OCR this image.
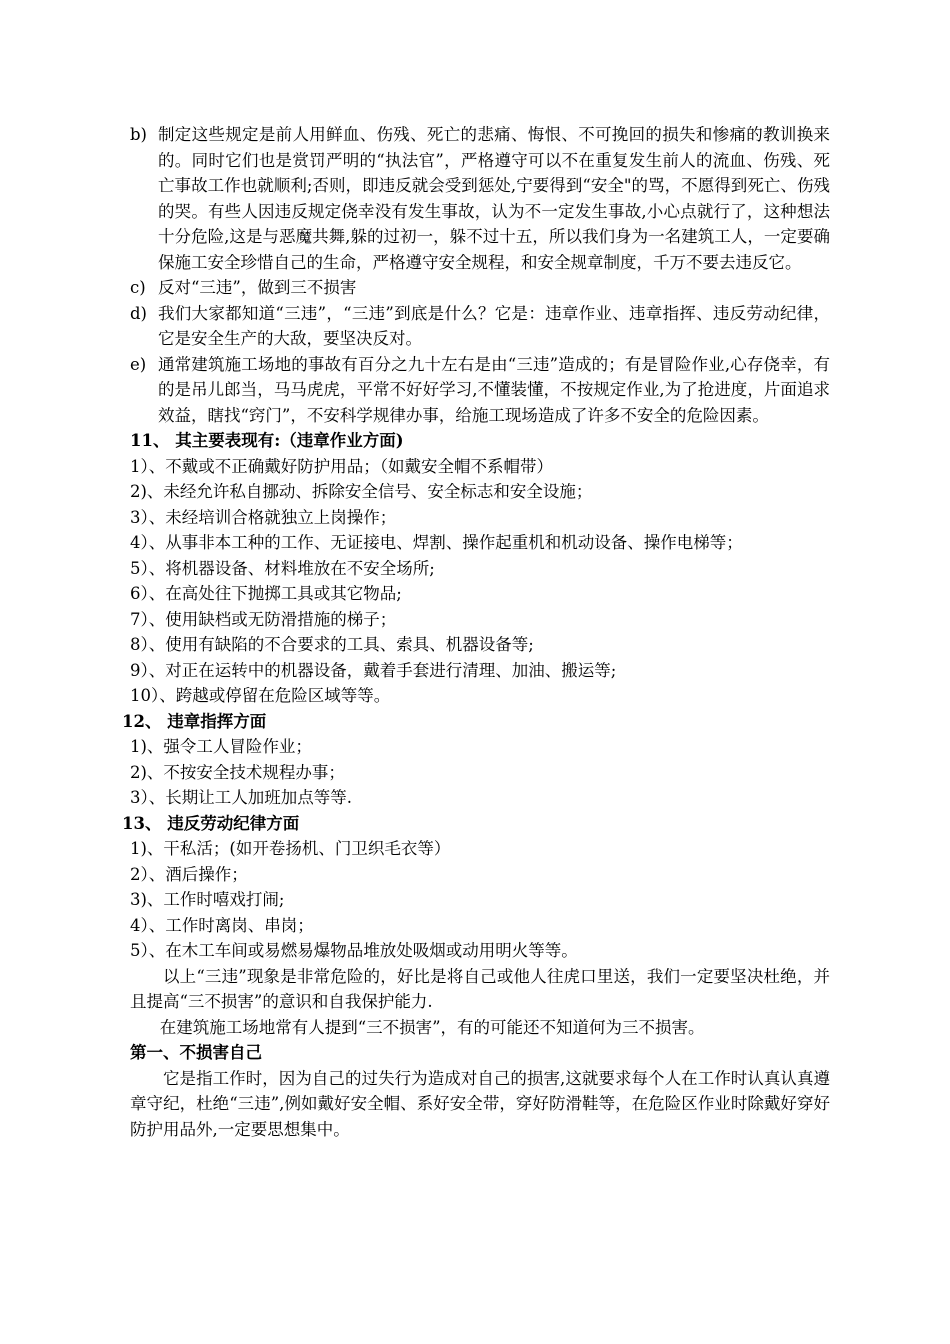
b) 制定这些规定是前人用鲜血、伤残、死亡的悲痛、悔恨、不可挽回的损失和惨痛的教训换来的。同时它们也是赏罚严明的“执法官”，严格遵守可以不在重复发生前人的流血、伤残、死亡事故工作也就顺利;否则，即违反就会受到惩处,宁要得到“安全"的骂，不愿得到死亡、伤残的哭。有些人因违反规定侥幸没有发生事故，认为不一定发生事故,小心点就行了，这种想法十分危险,这是与恶魔共舞,躲的过初一，躲不过十五，所以我们身为一名建筑工人，一定要确保施工安全珍惜自己的生命，严格遵守安全规程，和安全规章制度，千万不要去违反它。

c) 反对“三违”，做到三不损害

d) 我们大家都知道“三违”，“三违”到底是什么？它是：违章作业、违章指挥、违反劳动纪律，它是安全生产的大敌，要坚决反对。

e) 通常建筑施工场地的事故有百分之九十左右是由“三违”造成的；有是冒险作业,心存侥幸，有的是吊儿郎当，马马虎虎，平常不好好学习,不懂装懂，不按规定作业,为了抢进度，片面追求效益，瞎找“窍门”，不安科学规律办事，给施工现场造成了许多不安全的危险因素。

11、 其主要表现有:（违章作业方面)

1）、不戴或不正确戴好防护用品；（如戴安全帽不系帽带）

2)、未经允许私自挪动、拆除安全信号、安全标志和安全设施；

3）、未经培训合格就独立上岗操作；

4）、从事非本工种的工作、无证接电、焊割、操作起重机和机动设备、操作电梯等；

5）、将机器设备、材料堆放在不安全场所;

6）、在高处往下抛掷工具或其它物品;

7）、使用缺档或无防滑措施的梯子；

8）、使用有缺陷的不合要求的工具、索具、机器设备等;

9）、对正在运转中的机器设备，戴着手套进行清理、加油、搬运等;

10）、跨越或停留在危险区域等等。

12、 违章指挥方面

1)、强令工人冒险作业；

2)、不按安全技术规程办事；

3）、长期让工人加班加点等等.

13、 违反劳动纪律方面

1)、干私活；(如开卷扬机、门卫织毛衣等）

2）、酒后操作；

3)、工作时嘻戏打闹;

4）、工作时离岗、串岗；

5）、在木工车间或易燃易爆物品堆放处吸烟或动用明火等等。

以上“三违”现象是非常危险的，好比是将自己或他人往虎口里送，我们一定要坚决杜绝，并且提高“三不损害”的意识和自我保护能力.

在建筑施工场地常有人提到“三不损害”，有的可能还不知道何为三不损害。

第一、不损害自己

它是指工作时，因为自己的过失行为造成对自己的损害,这就要求每个人在工作时认真认真遵章守纪，杜绝“三违”,例如戴好安全帽、系好安全带，穿好防滑鞋等，在危险区作业时除戴好穿好防护用品外,一定要思想集中。
